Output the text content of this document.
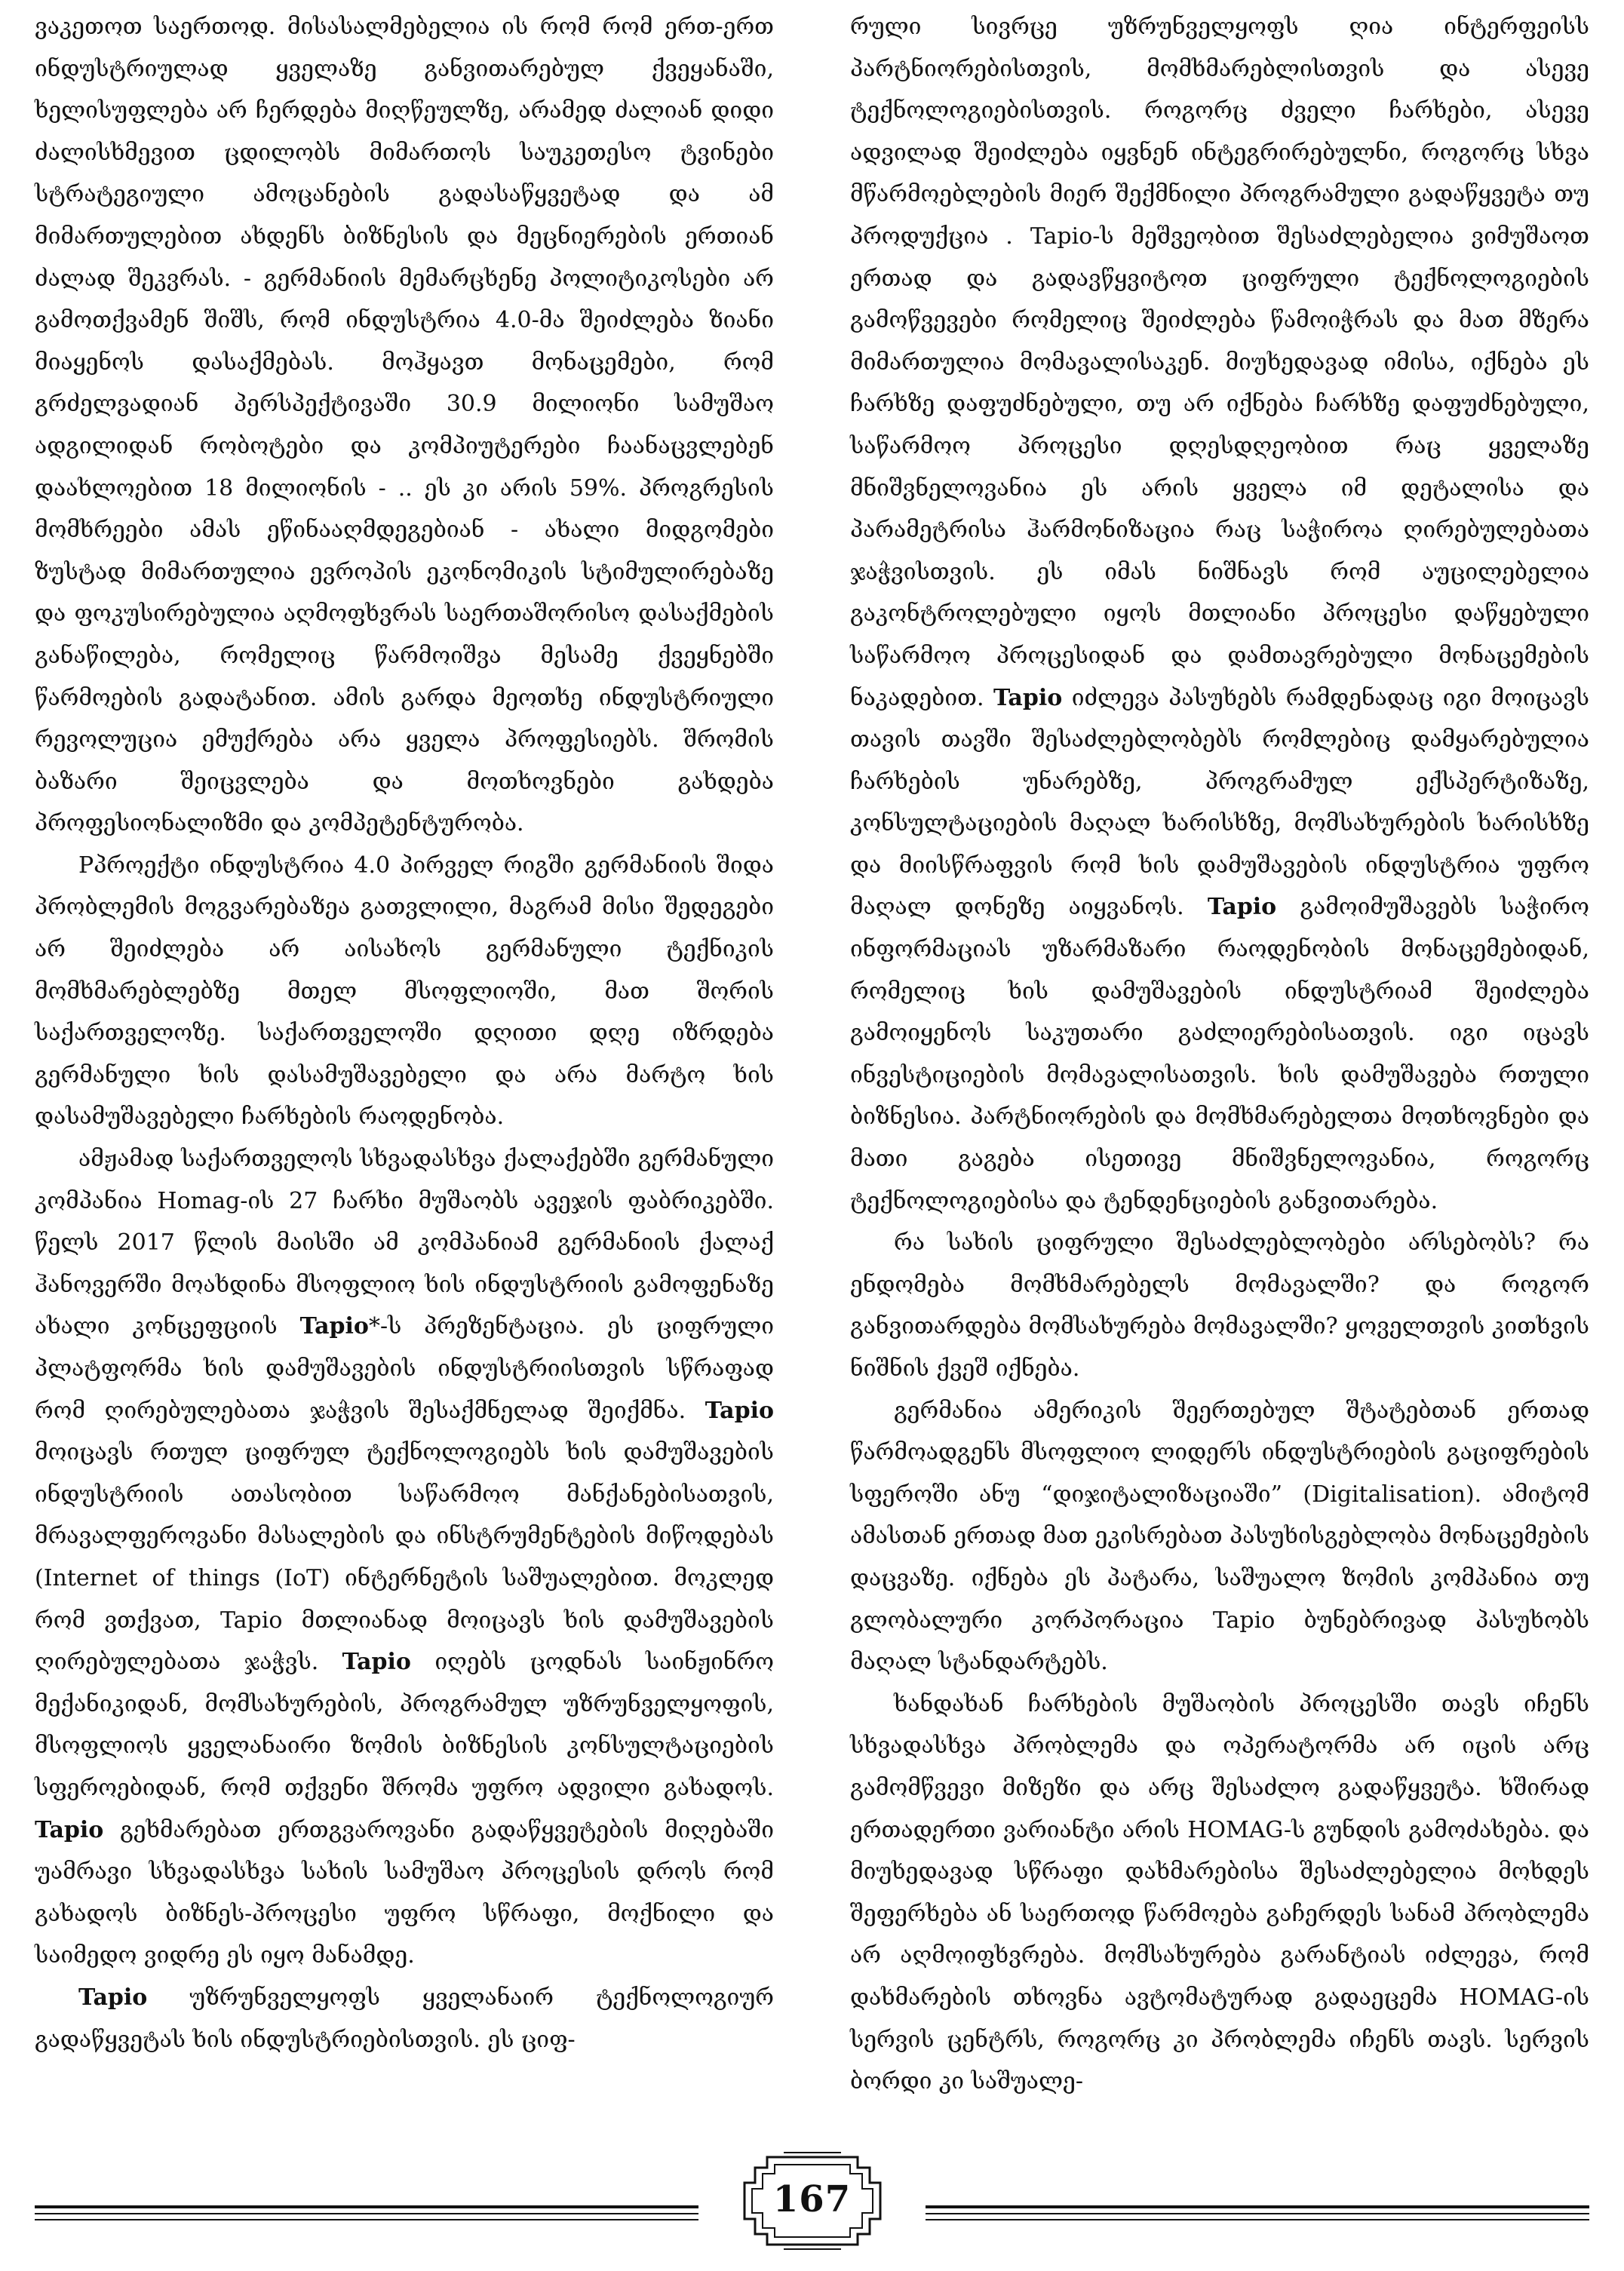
ვაკეთოთ საერთოდ. მისასალმებელია ის რომ რომ ერთ-ერთ ინდუსტრიულად ყველაზე განვითარებულ ქვეყანაში, ხელისუფლება არ ჩერდება მიღწეულზე, არამედ ძალიან დიდი ძალისხმევით ცდილობს მიმართოს საუკეთესო ტვინები სტრატეგიული ამოცანების გადასაწყვეტად და ამ მიმართულებით ახდენს ბიზნესის და მეცნიერების ერთიან ძალად შეკვრას. - გერმანიის მემარცხენე პოლიტიკოსები არ გამოთქვამენ შიშს, რომ ინდუსტრია 4.0-მა შეიძლება ზიანი მიაყენოს დასაქმებას. მოჰყავთ მონაცემები, რომ გრძელვადიან პერსპექტივაში 30.9 მილიონი სამუშაო ადგილიდან რობოტები და კომპიუტერები ჩაანაცვლებენ დაახლოებით 18 მილიონის - .. ეს კი არის 59%. პროგრესის მომხრეები ამას ეწინააღმდეგებიან - ახალი მიდგომები ზუსტად მიმართულია ევროპის ეკონომიკის სტიმულირებაზე და ფოკუსირებულია აღმოფხვრას საერთაშორისო დასაქმების განაწილება, რომელიც წარმოიშვა მესამე ქვეყნებში წარმოების გადატანით. ამის გარდა მეოთხე ინდუსტრიული რევოლუცია ემუქრება არა ყველა პროფესიებს. შრომის ბაზარი შეიცვლება და მოთხოვნები გახდება პროფესიონალიზმი და კომპეტენტურობა.

Pპროექტი ინდუსტრია 4.0 პირველ რიგში გერმანიის შიდა პრობლემის მოგვარებაზეა გათვლილი, მაგრამ მისი შედეგები არ შეიძლება არ აისახოს გერმანული ტექნიკის მომხმარებლებზე მთელ მსოფლიოში, მათ შორის საქართველოზე. საქართველოში დღითი დღე იზრდება გერმანული ხის დასამუშავებელი და არა მარტო ხის დასამუშავებელი ჩარხების რაოდენობა.

ამჟამად საქართველოს სხვადასხვა ქალაქებში გერმანული კომპანია Homag-ის 27 ჩარხი მუშაობს ავეჯის ფაბრიკებში. წელს 2017 წლის მაისში ამ კომპანიამ გერმანიის ქალაქ ჰანოვერში მოახდინა მსოფლიო ხის ინდუსტრიის გამოფენაზე ახალი კონცეფციის Tapio*-ს პრეზენტაცია. ეს ციფრული პლატფორმა ხის დამუშავების ინდუსტრიისთვის სწრაფად რომ ღირებულებათა ჯაჭვის შესაქმნელად შეიქმნა. Tapio მოიცავს რთულ ციფრულ ტექნოლოგიებს ხის დამუშავების ინდუსტრიის ათასობით საწარმოო მანქანებისათვის, მრავალფეროვანი მასალების და ინსტრუმენტების მიწოდებას (Internet of things (IoT) ინტერნეტის საშუალებით. მოკლედ რომ ვთქვათ, Tapio მთლიანად მოიცავს ხის დამუშავების ღირებულებათა ჯაჭვს. Tapio იღებს ცოდნას საინჟინრო მექანიკიდან, მომსახურების, პროგრამულ უზრუნველყოფის, მსოფლიოს ყველანაირი ზომის ბიზნესის კონსულტაციების სფეროებიდან, რომ თქვენი შრომა უფრო ადვილი გახადოს. Tapio გეხმარებათ ერთგვაროვანი გადაწყვეტების მიღებაში უამრავი სხვადასხვა სახის სამუშაო პროცესის დროს რომ გახადოს ბიზნეს-პროცესი უფრო სწრაფი, მოქნილი და საიმედო ვიდრე ეს იყო მანამდე.

Tapio უზრუნველყოფს ყველანაირ ტექნოლოგიურ გადაწყვეტას ხის ინდუსტრიებისთვის. ეს ციფ-

რული სივრცე უზრუნველყოფს ღია ინტერფეისს პარტნიორებისთვის, მომხმარებლისთვის და ასევე ტექნოლოგიებისთვის. როგორც ძველი ჩარხები, ასევე ადვილად შეიძლება იყვნენ ინტეგრირებულნი, როგორც სხვა მწარმოებლების მიერ შექმნილი პროგრამული გადაწყვეტა თუ პროდუქცია . Tapio-ს მეშვეობით შესაძლებელია ვიმუშაოთ ერთად და გადავწყვიტოთ ციფრული ტექნოლოგიების გამოწვევები რომელიც შეიძლება წამოიჭრას და მათ მზერა მიმართულია მომავალისაკენ. მიუხედავად იმისა, იქნება ეს ჩარხზე დაფუძნებული, თუ არ იქნება ჩარხზე დაფუძნებული, საწარმოო პროცესი დღესდღეობით რაც ყველაზე მნიშვნელოვანია ეს არის ყველა იმ დეტალისა და პარამეტრისა ჰარმონიზაცია რაც საჭიროა ღირებულებათა ჯაჭვისთვის. ეს იმას ნიშნავს რომ აუცილებელია გაკონტროლებული იყოს მთლიანი პროცესი დაწყებული საწარმოო პროცესიდან და დამთავრებული მონაცემების ნაკადებით. Tapio იძლევა პასუხებს რამდენადაც იგი მოიცავს თავის თავში შესაძლებლობებს რომლებიც დამყარებულია ჩარხების უნარებზე, პროგრამულ ექსპერტიზაზე, კონსულტაციების მაღალ ხარისხზე, მომსახურების ხარისხზე და მიისწრაფვის რომ ხის დამუშავების ინდუსტრია უფრო მაღალ დონეზე აიყვანოს. Tapio გამოიმუშავებს საჭირო ინფორმაციას უზარმაზარი რაოდენობის მონაცემებიდან, რომელიც ხის დამუშავების ინდუსტრიამ შეიძლება გამოიყენოს საკუთარი გაძლიერებისათვის. იგი იცავს ინვესტიციების მომავალისათვის. ხის დამუშავება რთული ბიზნესია. პარტნიორების და მომხმარებელთა მოთხოვნები და მათი გაგება ისეთივე მნიშვნელოვანია, როგორც ტექნოლოგიებისა და ტენდენციების განვითარება.

რა სახის ციფრული შესაძლებლობები არსებობს? რა ენდომება მომხმარებელს მომავალში? და როგორ განვითარდება მომსახურება მომავალში? ყოველთვის კითხვის ნიშნის ქვეშ იქნება.

გერმანია ამერიკის შეერთებულ შტატებთან ერთად წარმოადგენს მსოფლიო ლიდერს ინდუსტრიების გაციფრების სფეროში ანუ “დიჯიტალიზაციაში” (Digitalisation). ამიტომ ამასთან ერთად მათ ეკისრებათ პასუხისგებლობა მონაცემების დაცვაზე. იქნება ეს პატარა, საშუალო ზომის კომპანია თუ გლობალური კორპორაცია Tapio ბუნებრივად პასუხობს მაღალ სტანდარტებს.

ხანდახან ჩარხების მუშაობის პროცესში თავს იჩენს სხვადასხვა პრობლემა და ოპერატორმა არ იცის არც გამომწვევი მიზეზი და არც შესაძლო გადაწყვეტა. ხშირად ერთადერთი ვარიანტი არის HOMAG-ს გუნდის გამოძახება. და მიუხედავად სწრაფი დახმარებისა შესაძლებელია მოხდეს შეფერხება ან საერთოდ წარმოება გაჩერდეს სანამ პრობლემა არ აღმოიფხვრება. მომსახურება გარანტიას იძლევა, რომ დახმარების თხოვნა ავტომატურად გადაეცემა HOMAG-ის სერვის ცენტრს, როგორც კი პრობლემა იჩენს თავს. სერვის ბორდი კი საშუალე-

167
